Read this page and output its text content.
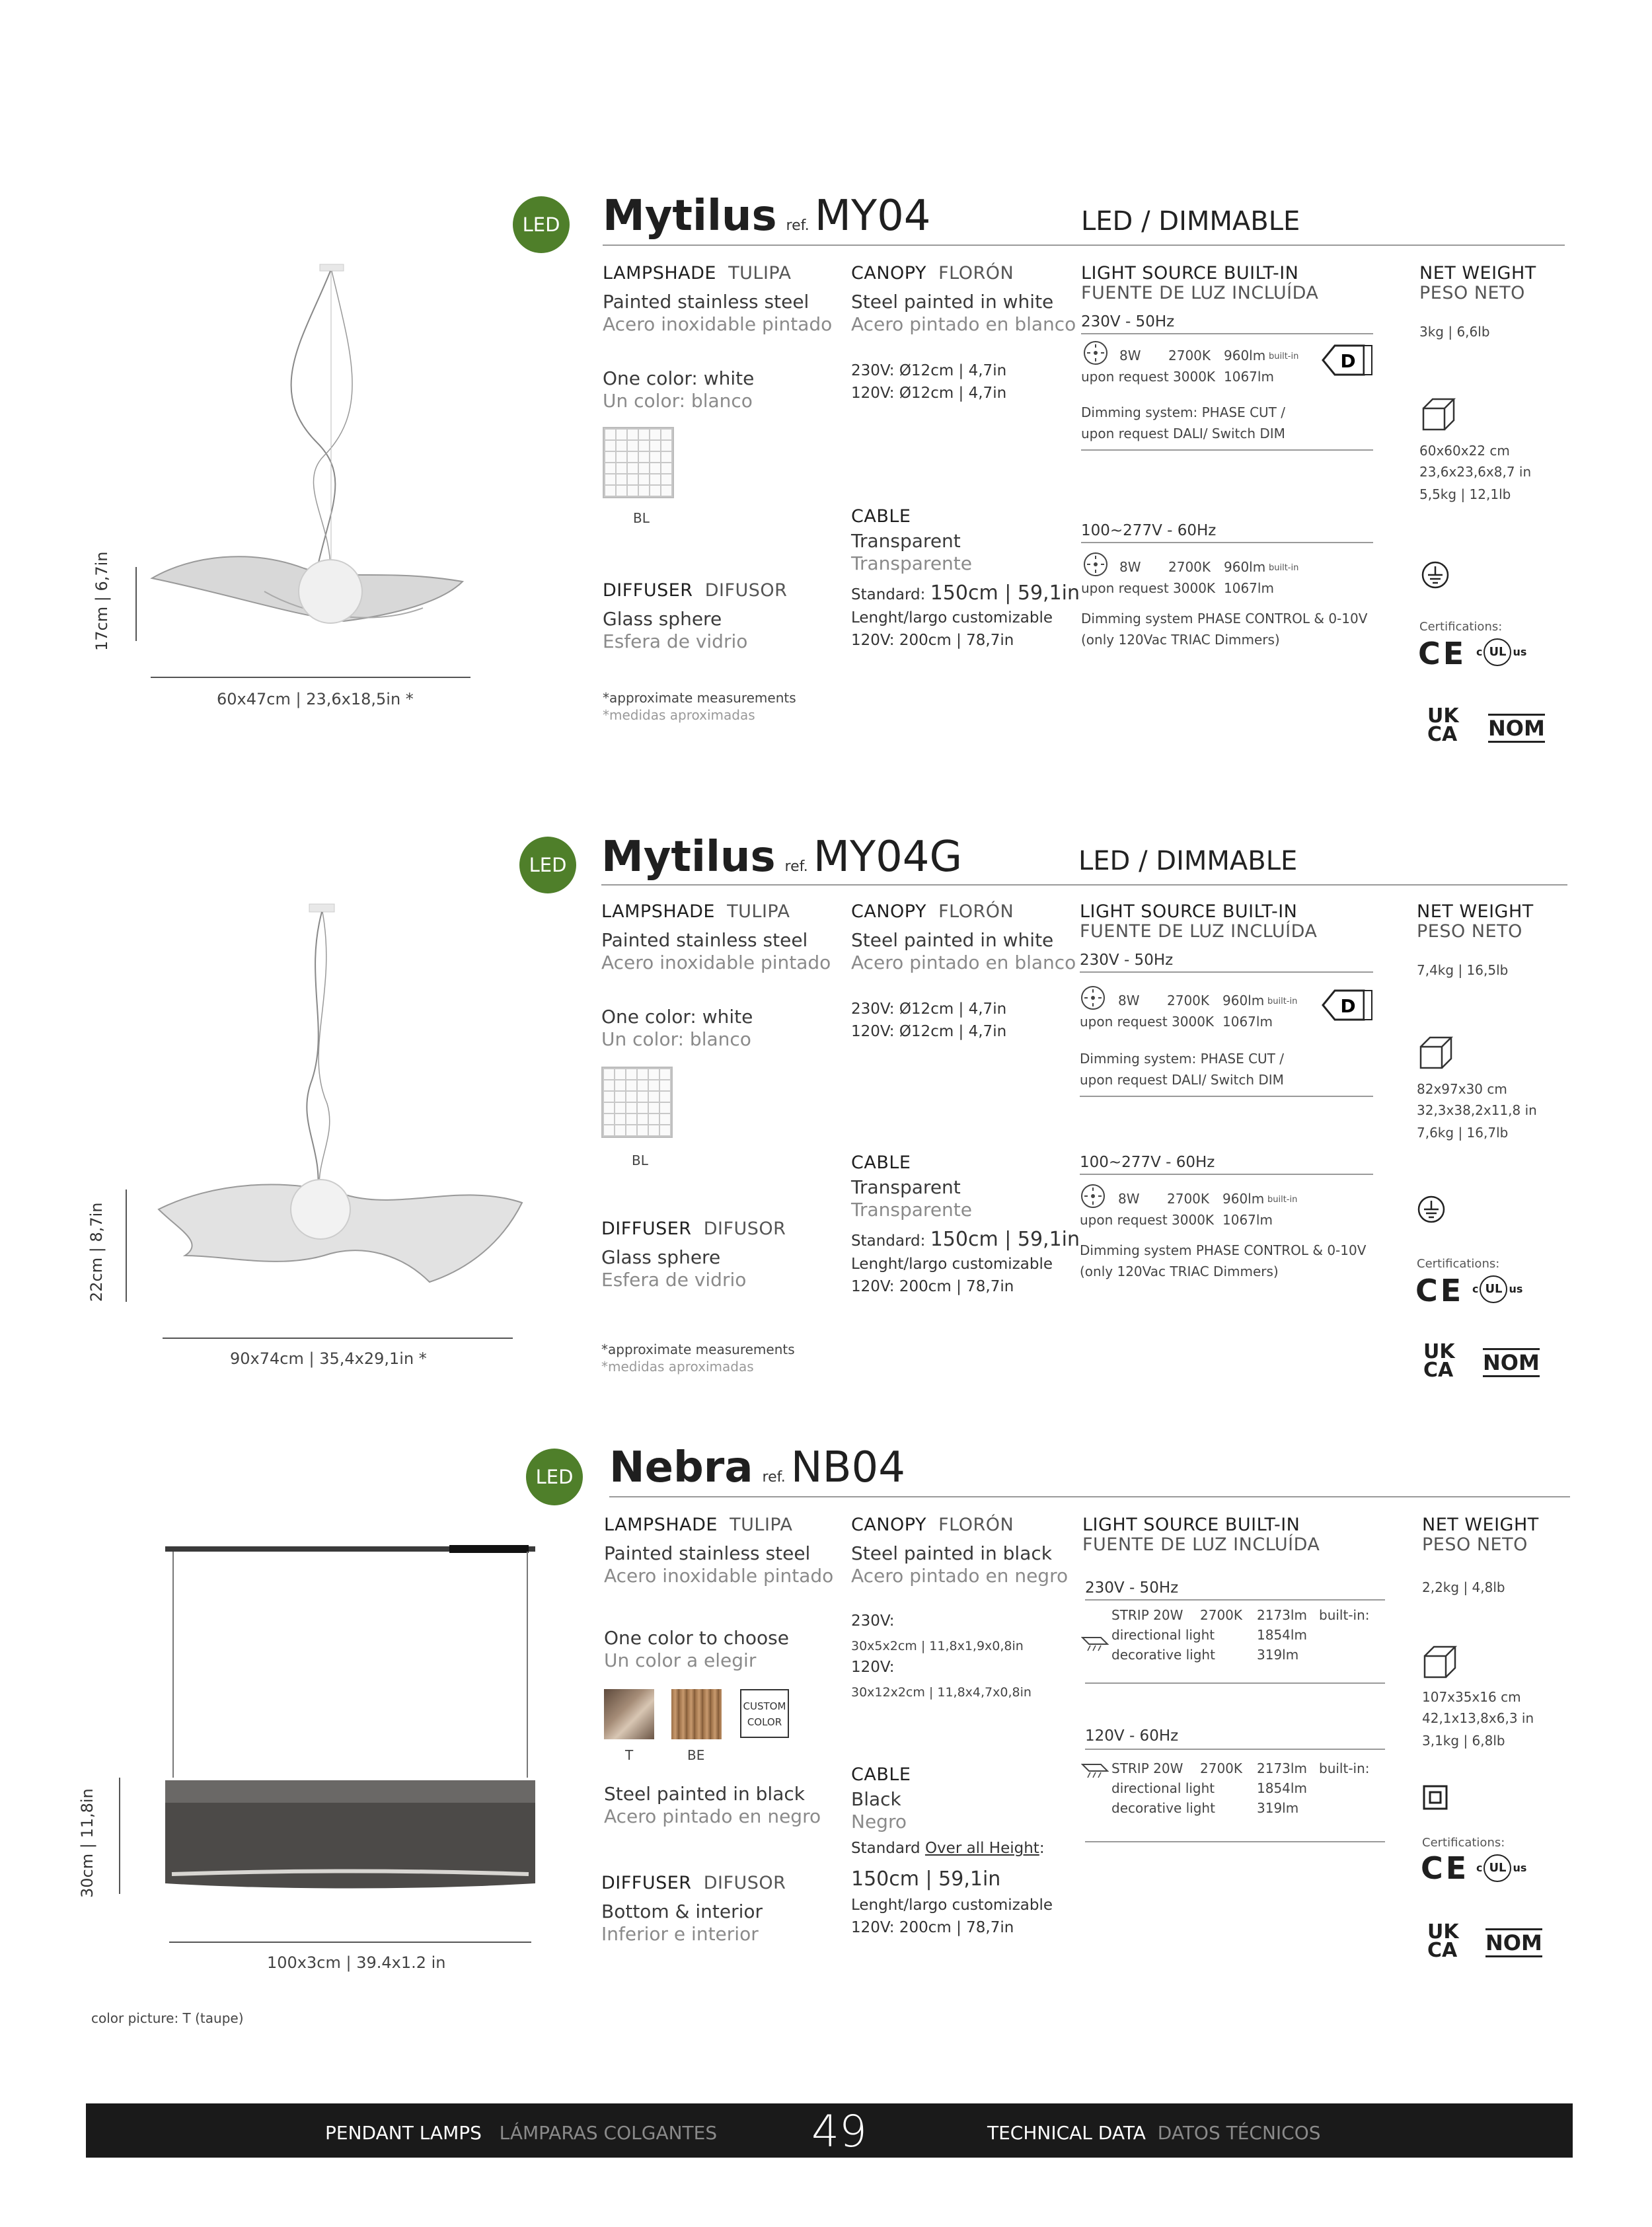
17cm | 6,7in
60x47cm | 23,6x18,5in *
LED Mytilus ref. MY04	LED / DIMMABLE
LAMPSHADE TULIPA
Painted stainless steel
Acero inoxidable pintado
One color: white
Un color: blanco
BL
DIFFUSER DIFUSOR
Glass sphere
Esfera de vidrio
*approximate measurements
*medidas aproximadas
CANOPY FLORÓN
Steel painted in white
Acero pintado en blanco
230V: Ø12cm | 4,7in
120V: Ø12cm | 4,7in
CABLE
Transparent
Transparente
Standard: 150cm | 59,1in
Lenght/largo customizable
120V: 200cm | 78,7in
LIGHT SOURCE BUILT-IN
FUENTE DE LUZ INCLUÍDA
230V - 50Hz
8W 2700K 960lm built-in
upon request 3000K 1067lm
D
Dimming system: PHASE CUT /
upon request DALI/ Switch DIM
100~277V - 60Hz
8W 2700K 960lm built-in
upon request 3000K 1067lm
Dimming system PHASE CONTROL & 0-10V
(only 120Vac TRIAC Dimmers)
NET WEIGHT
PESO NETO
3kg | 6,6lb
60x60x22 cm
23,6x23,6x8,7 in
5,5kg | 12,1lb
Certifications:
CE c UL us
UK
CA NOM
22cm | 8,7in
90x74cm | 35,4x29,1in *
LED Mytilus ref. MY04G	LED / DIMMABLE
LAMPSHADE TULIPA
Painted stainless steel
Acero inoxidable pintado
One color: white
Un color: blanco
BL
DIFFUSER DIFUSOR
Glass sphere
Esfera de vidrio
*approximate measurements
*medidas aproximadas
CANOPY FLORÓN
Steel painted in white
Acero pintado en blanco
230V: Ø12cm | 4,7in
120V: Ø12cm | 4,7in
CABLE
Transparent
Transparente
Standard: 150cm | 59,1in
Lenght/largo customizable
120V: 200cm | 78,7in
LIGHT SOURCE BUILT-IN
FUENTE DE LUZ INCLUÍDA
230V - 50Hz
8W 2700K 960lm built-in
upon request 3000K 1067lm
D
Dimming system: PHASE CUT /
upon request DALI/ Switch DIM
100~277V - 60Hz
8W 2700K 960lm built-in
upon request 3000K 1067lm
Dimming system PHASE CONTROL & 0-10V
(only 120Vac TRIAC Dimmers)
NET WEIGHT
PESO NETO
7,4kg | 16,5lb
82x97x30 cm
32,3x38,2x11,8 in
7,6kg | 16,7lb
Certifications:
CE c UL us
UK
CA NOM
30cm | 11,8in
100x3cm | 39.4x1.2 in
color picture: T (taupe)
LED Nebra ref. NB04
LAMPSHADE TULIPA
Painted stainless steel
Acero inoxidable pintado
One color to choose
Un color a elegir
CUSTOM
COLOR
T	BE
Steel painted in black
Acero pintado en negro
DIFFUSER DIFUSOR
Bottom & interior
Inferior e interior
CANOPY FLORÓN
Steel painted in black
Acero pintado en negro
230V:
30x5x2cm | 11,8x1,9x0,8in
120V:
30x12x2cm | 11,8x4,7x0,8in
CABLE
Black
Negro
Standard Over all Height:
150cm | 59,1in
Lenght/largo customizable
120V: 200cm | 78,7in
LIGHT SOURCE BUILT-IN
FUENTE DE LUZ INCLUÍDA
230V - 50Hz
STRIP 20W 2700K 2173lm built-in:
directional light	1854lm
decorative light	319lm
120V - 60Hz
STRIP 20W 2700K 2173lm built-in:
directional light	1854lm
decorative light	319lm
NET WEIGHT
PESO NETO
2,2kg | 4,8lb
107x35x16 cm
42,1x13,8x6,3 in
3,1kg | 6,8lb
Certifications:
CE c UL us
UK
CA NOM
PENDANT LAMPS LÁMPARAS COLGANTES 49	TECHNICAL DATA DATOS TÉCNICOS
